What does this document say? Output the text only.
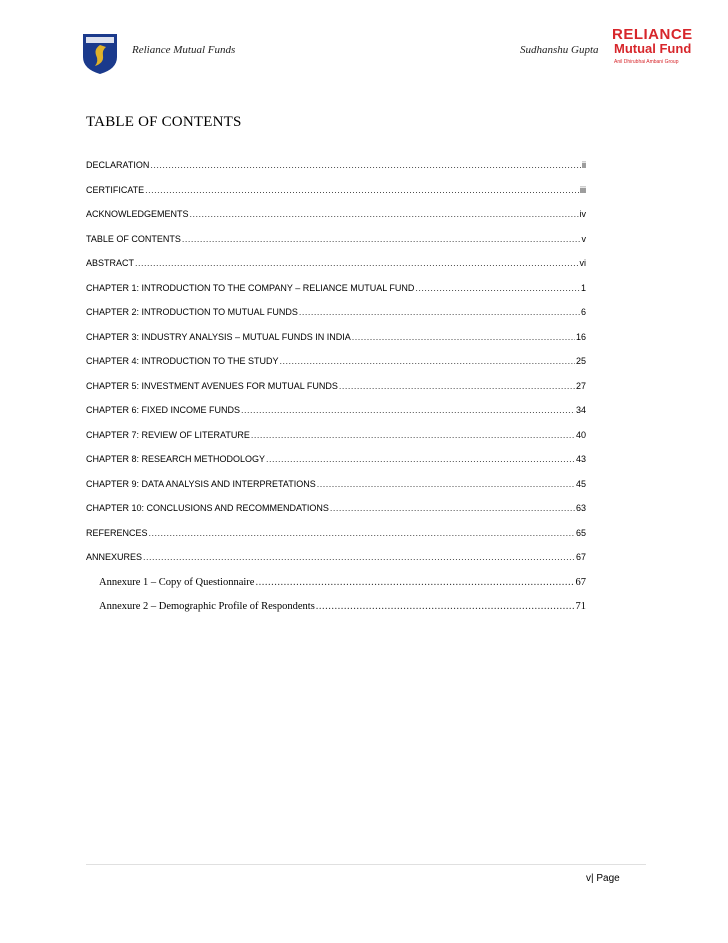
Reliance Mutual Funds	Sudhanshu Gupta
RELIANCE
Mutual Fund
Anil Dhirubhai Ambani Group
TABLE OF CONTENTS
DECLARATION .....	ii
CERTIFICATE .....	iii
ACKNOWLEDGEMENTS .....	iv
TABLE OF CONTENTS .....	v
ABSTRACT .....	vi
CHAPTER 1: INTRODUCTION TO THE COMPANY – RELIANCE MUTUAL FUND .....	1
CHAPTER 2: INTRODUCTION TO MUTUAL FUNDS .....	6
CHAPTER 3: INDUSTRY ANALYSIS – MUTUAL FUNDS IN INDIA .....	16
CHAPTER 4: INTRODUCTION TO THE STUDY .....	25
CHAPTER 5: INVESTMENT AVENUES FOR MUTUAL FUNDS .....	27
CHAPTER 6: FIXED INCOME FUNDS .....	34
CHAPTER 7: REVIEW OF LITERATURE .....	40
CHAPTER 8: RESEARCH METHODOLOGY .....	43
CHAPTER 9: DATA ANALYSIS AND INTERPRETATIONS .....	45
CHAPTER 10: CONCLUSIONS AND RECOMMENDATIONS .....	63
REFERENCES .....	65
ANNEXURES .....	67
Annexure 1 – Copy of Questionnaire .....	67
Annexure 2 – Demographic Profile of Respondents .....	71
v| Page
